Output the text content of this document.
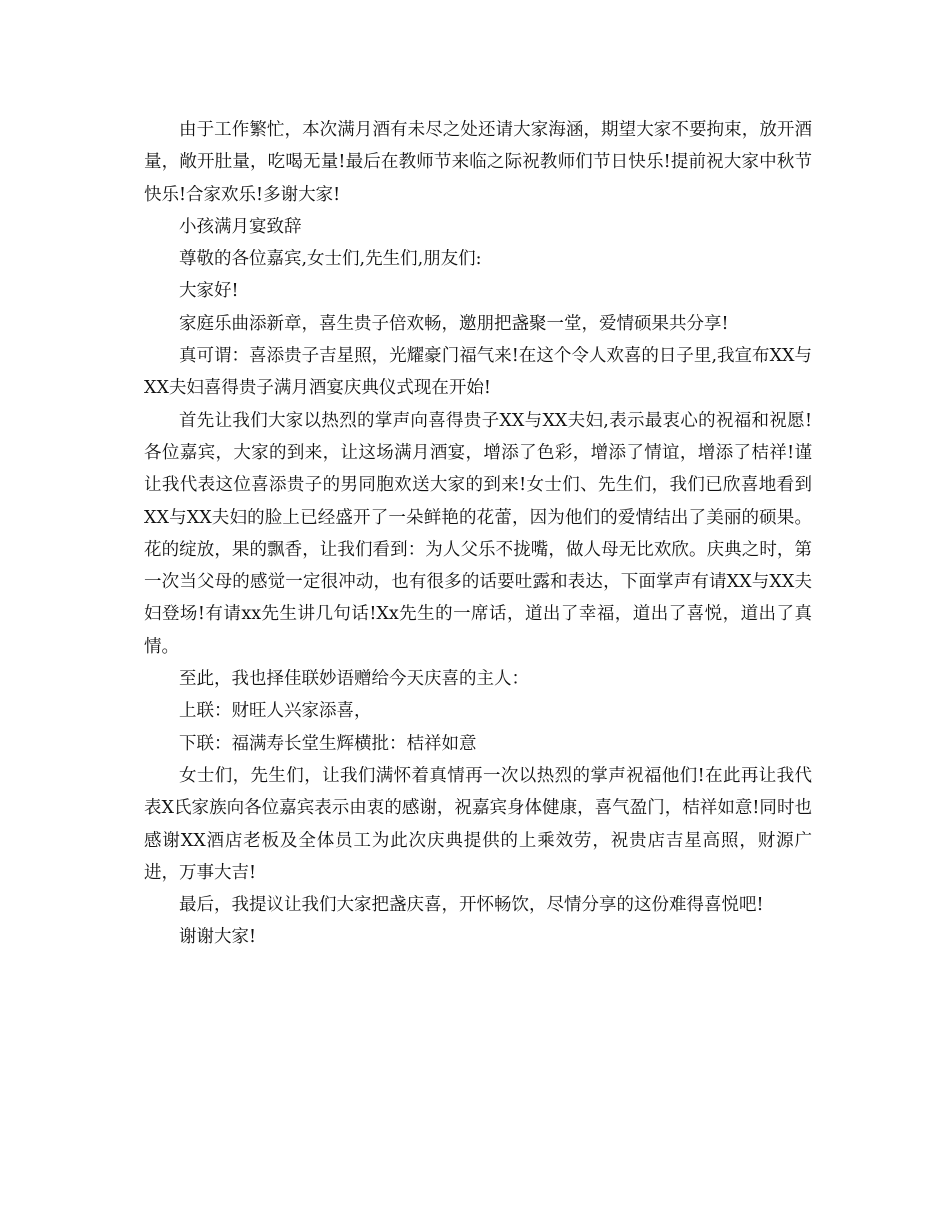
由于工作繁忙，本次满月酒有未尽之处还请大家海涵，期望大家不要拘束，放开酒量，敞开肚量，吃喝无量!最后在教师节来临之际祝教师们节日快乐!提前祝大家中秋节快乐!合家欢乐!多谢大家!

小孩满月宴致辞

尊敬的各位嘉宾,女士们,先生们,朋友们:

大家好!

家庭乐曲添新章，喜生贵子倍欢畅，邀朋把盏聚一堂，爱情硕果共分享!

真可谓：喜添贵子吉星照，光耀豪门福气来!在这个令人欢喜的日子里,我宣布XX与XX夫妇喜得贵子满月酒宴庆典仪式现在开始!

首先让我们大家以热烈的掌声向喜得贵子XX与XX夫妇,表示最衷心的祝福和祝愿!各位嘉宾，大家的到来，让这场满月酒宴，增添了色彩，增添了情谊，增添了桔祥!谨让我代表这位喜添贵子的男同胞欢送大家的到来!女士们、先生们，我们已欣喜地看到XX与XX夫妇的脸上已经盛开了一朵鲜艳的花蕾，因为他们的爱情结出了美丽的硕果。花的绽放，果的飘香，让我们看到：为人父乐不拢嘴，做人母无比欢欣。庆典之时，第一次当父母的感觉一定很冲动，也有很多的话要吐露和表达，下面掌声有请XX与XX夫妇登场!有请xx先生讲几句话!Xx先生的一席话，道出了幸福，道出了喜悦，道出了真情。

至此，我也择佳联妙语赠给今天庆喜的主人：

上联：财旺人兴家添喜，

下联：福满寿长堂生辉横批：桔祥如意

女士们，先生们，让我们满怀着真情再一次以热烈的掌声祝福他们!在此再让我代表X氏家族向各位嘉宾表示由衷的感谢，祝嘉宾身体健康，喜气盈门，桔祥如意!同时也感谢XX酒店老板及全体员工为此次庆典提供的上乘效劳，祝贵店吉星高照，财源广进，万事大吉!

最后，我提议让我们大家把盏庆喜，开怀畅饮，尽情分享的这份难得喜悦吧!

谢谢大家!
